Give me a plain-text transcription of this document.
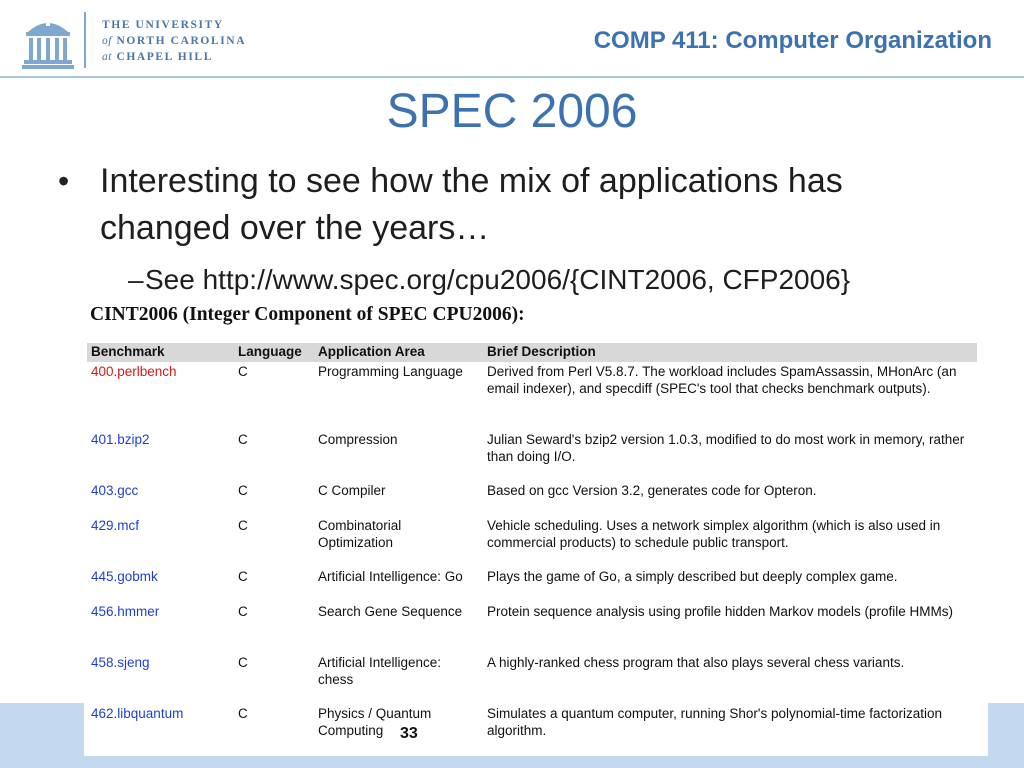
THE UNIVERSITY
of NORTH CAROLINA
at CHAPEL HILL
COMP 411: Computer Organization
SPEC 2006
• Interesting to see how the mix of applications has changed over the years…
– See http://www.spec.org/cpu2006/{CINT2006, CFP2006}
CINT2006 (Integer Component of SPEC CPU2006):
Benchmark	Language	Application Area	Brief Description
400.perlbench	C	Programming Language	Derived from Perl V5.8.7. The workload includes SpamAssassin, MHonArc (an email indexer), and specdiff (SPEC's tool that checks benchmark outputs).
401.bzip2	C	Compression	Julian Seward's bzip2 version 1.0.3, modified to do most work in memory, rather than doing I/O.
403.gcc	C	C Compiler	Based on gcc Version 3.2, generates code for Opteron.
429.mcf	C	Combinatorial Optimization	Vehicle scheduling. Uses a network simplex algorithm (which is also used in commercial products) to schedule public transport.
445.gobmk	C	Artificial Intelligence: Go	Plays the game of Go, a simply described but deeply complex game.
456.hmmer	C	Search Gene Sequence	Protein sequence analysis using profile hidden Markov models (profile HMMs)
458.sjeng	C	Artificial Intelligence: chess	A highly-ranked chess program that also plays several chess variants.
462.libquantum	C	Physics / Quantum Computing	Simulates a quantum computer, running Shor's polynomial-time factorization algorithm.
33
